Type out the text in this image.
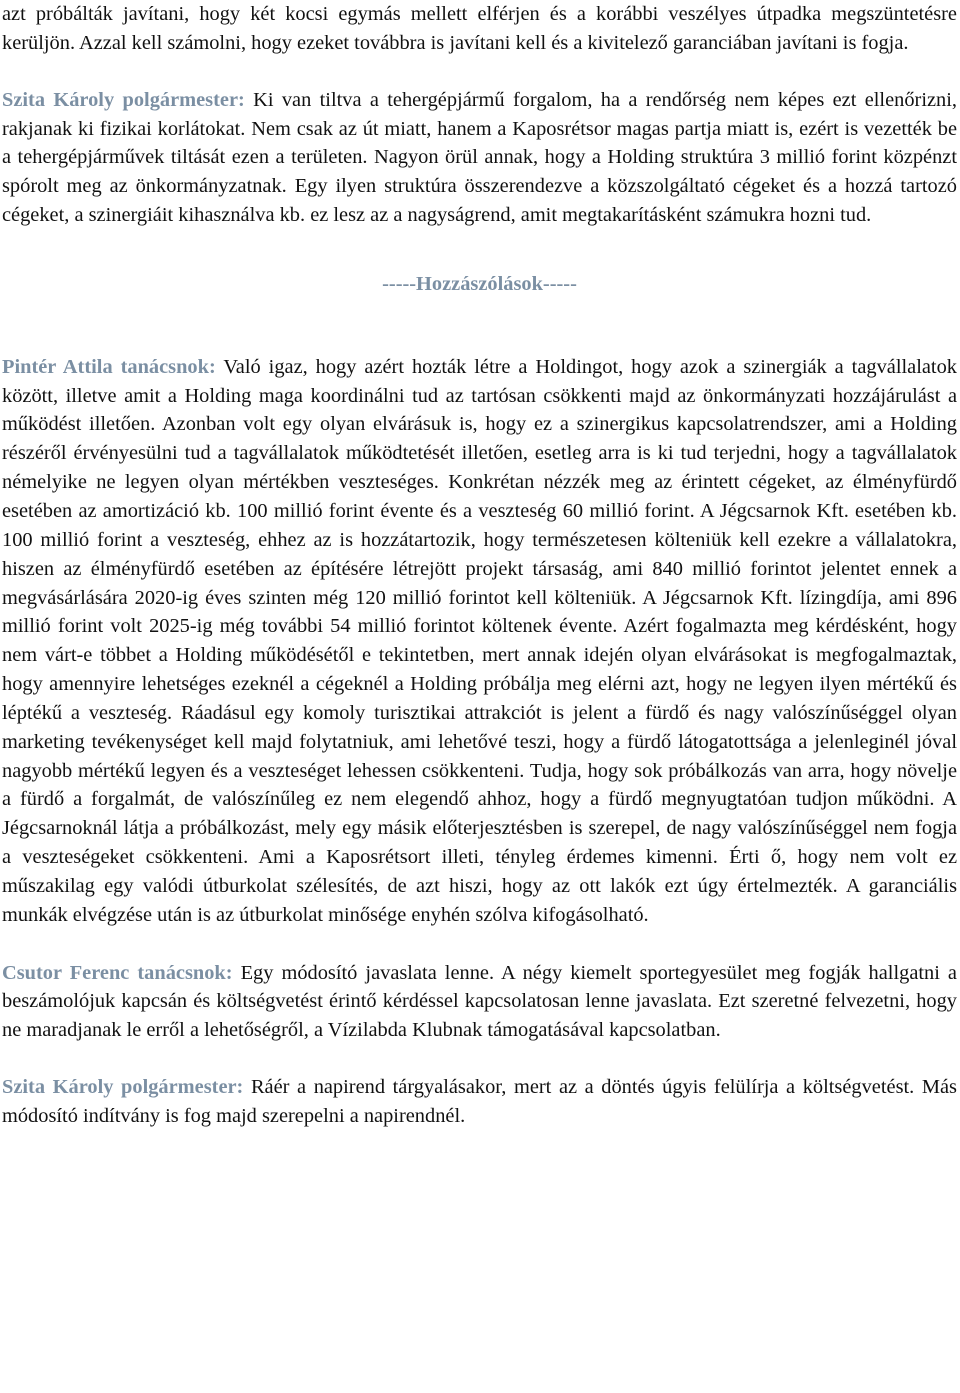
azt próbálták javítani, hogy két kocsi egymás mellett elférjen és a korábbi veszélyes útpadka megszüntetésre kerüljön. Azzal kell számolni, hogy ezeket továbbra is javítani kell és a kivitelező garanciában javítani is fogja.

Szita Károly polgármester: Ki van tiltva a tehergépjármű forgalom, ha a rendőrség nem képes ezt ellenőrizni, rakjanak ki fizikai korlátokat. Nem csak az út miatt, hanem a Kaposrétsor magas partja miatt is, ezért is vezették be a tehergépjárművek tiltását ezen a területen. Nagyon örül annak, hogy a Holding struktúra 3 millió forint közpénzt spórolt meg az önkormányzatnak. Egy ilyen struktúra összerendezve a közszolgáltató cégeket és a hozzá tartozó cégeket, a szinergiáit kihasználva kb. ez lesz az a nagyságrend, amit megtakarításként számukra hozni tud.

-----Hozzászólások-----

Pintér Attila tanácsnok: Való igaz, hogy azért hozták létre a Holdingot, hogy azok a szinergiák a tagvállalatok között, illetve amit a Holding maga koordinálni tud az tartósan csökkenti majd az önkormányzati hozzájárulást a működést illetően. Azonban volt egy olyan elvárásuk is, hogy ez a szinergikus kapcsolatrendszer, ami a Holding részéről érvényesülni tud a tagvállalatok működtetését illetően, esetleg arra is ki tud terjedni, hogy a tagvállalatok némelyike ne legyen olyan mértékben veszteséges. Konkrétan nézzék meg az érintett cégeket, az élményfürdő esetében az amortizáció kb. 100 millió forint évente és a veszteség 60 millió forint. A Jégcsarnok Kft. esetében kb. 100 millió forint a veszteség, ehhez az is hozzátartozik, hogy természetesen költeniük kell ezekre a vállalatokra, hiszen az élményfürdő esetében az építésére létrejött projekt társaság, ami 840 millió forintot jelentet ennek a megvásárlására 2020-ig éves szinten még 120 millió forintot kell költeniük. A Jégcsarnok Kft. lízingdíja, ami 896 millió forint volt 2025-ig még további 54 millió forintot költenek évente. Azért fogalmazta meg kérdésként, hogy nem várt-e többet a Holding működésétől e tekintetben, mert annak idején olyan elvárásokat is megfogalmaztak, hogy amennyire lehetséges ezeknél a cégeknél a Holding próbálja meg elérni azt, hogy ne legyen ilyen mértékű és léptékű a veszteség. Ráadásul egy komoly turisztikai attrakciót is jelent a fürdő és nagy valószínűséggel olyan marketing tevékenységet kell majd folytatniuk, ami lehetővé teszi, hogy a fürdő látogatottsága a jelenleginél jóval nagyobb mértékű legyen és a veszteséget lehessen csökkenteni. Tudja, hogy sok próbálkozás van arra, hogy növelje a fürdő a forgalmát, de valószínűleg ez nem elegendő ahhoz, hogy a fürdő megnyugtatóan tudjon működni. A Jégcsarnoknál látja a próbálkozást, mely egy másik előterjesztésben is szerepel, de nagy valószínűséggel nem fogja a veszteségeket csökkenteni. Ami a Kaposrétsort illeti, tényleg érdemes kimenni. Érti ő, hogy nem volt ez műszakilag egy valódi útburkolat szélesítés, de azt hiszi, hogy az ott lakók ezt úgy értelmezték. A garanciális munkák elvégzése után is az útburkolat minősége enyhén szólva kifogásolható.

Csutor Ferenc tanácsnok: Egy módosító javaslata lenne. A négy kiemelt sportegyesület meg fogják hallgatni a beszámolójuk kapcsán és költségvetést érintő kérdéssel kapcsolatosan lenne javaslata. Ezt szeretné felvezetni, hogy ne maradjanak le erről a lehetőségről, a Vízilabda Klubnak támogatásával kapcsolatban.

Szita Károly polgármester: Ráér a napirend tárgyalásakor, mert az a döntés úgyis felülírja a költségvetést. Más módosító indítvány is fog majd szerepelni a napirendnél.
